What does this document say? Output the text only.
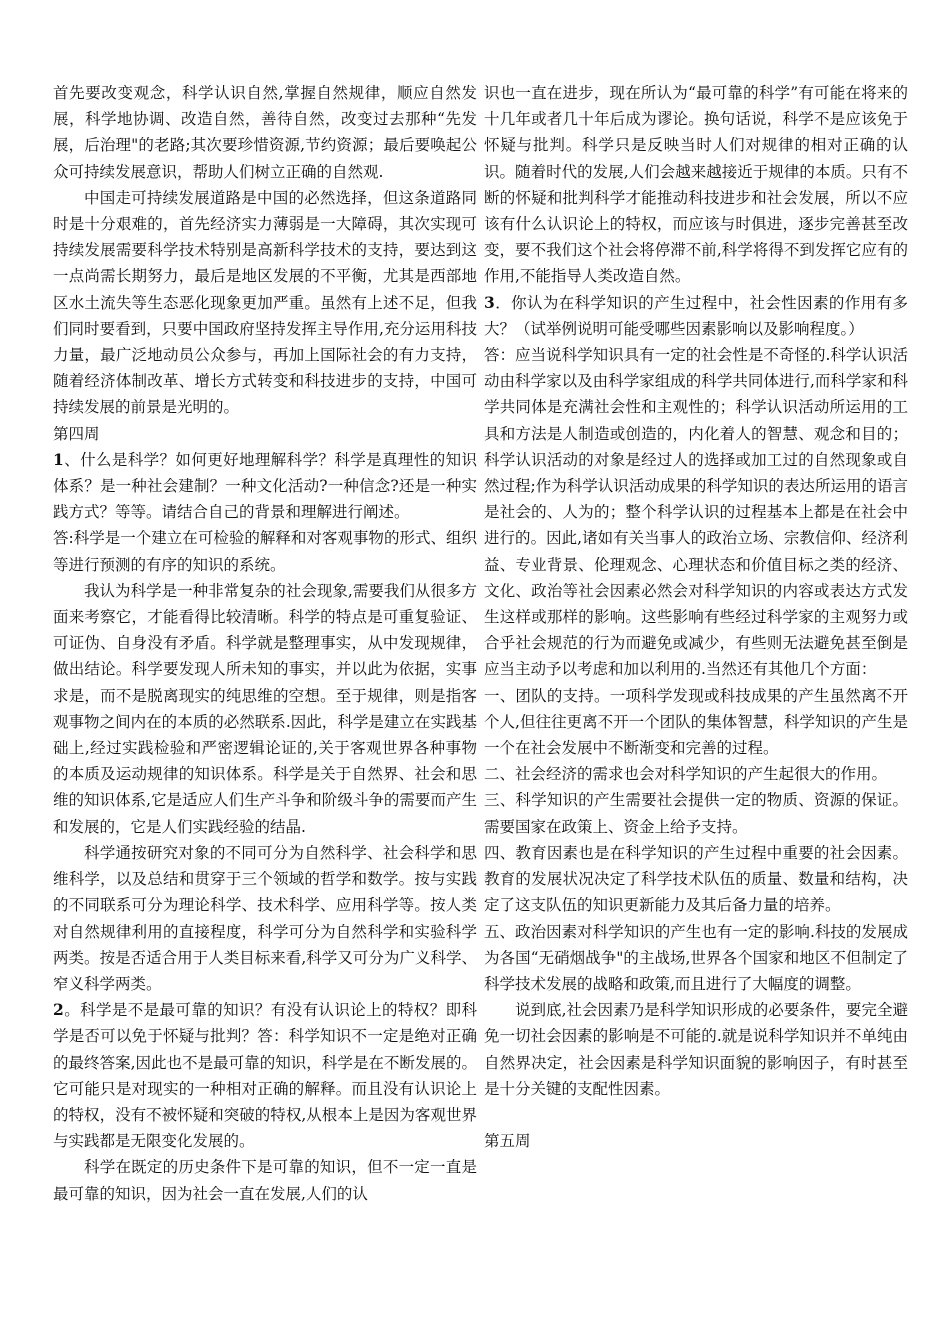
首先要改变观念，科学认识自然,掌握自然规律，顺应自然发展，科学地协调、改造自然，善待自然，改变过去那种“先发展，后治理"的老路;其次要珍惜资源,节约资源；最后要唤起公众可持续发展意识，帮助人们树立正确的自然观.

中国走可持续发展道路是中国的必然选择，但这条道路同时是十分艰难的，首先经济实力薄弱是一大障碍，其次实现可持续发展需要科学技术特别是高新科学技术的支持，要达到这一点尚需长期努力，最后是地区发展的不平衡，尤其是西部地区水土流失等生态恶化现象更加严重。虽然有上述不足，但我们同时要看到，只要中国政府坚持发挥主导作用,充分运用科技力量，最广泛地动员公众参与，再加上国际社会的有力支持，随着经济体制改革、增长方式转变和科技进步的支持，中国可持续发展的前景是光明的。

第四周

1、什么是科学？如何更好地理解科学？科学是真理性的知识体系？是一种社会建制？一种文化活动?一种信念?还是一种实践方式？等等。请结合自己的背景和理解进行阐述。

答:科学是一个建立在可检验的解释和对客观事物的形式、组织等进行预测的有序的知识的系统。

我认为科学是一种非常复杂的社会现象,需要我们从很多方面来考察它，才能看得比较清晰。科学的特点是可重复验证、可证伪、自身没有矛盾。科学就是整理事实，从中发现规律，做出结论。科学要发现人所未知的事实，并以此为依据，实事求是，而不是脱离现实的纯思维的空想。至于规律，则是指客观事物之间内在的本质的必然联系.因此，科学是建立在实践基础上,经过实践检验和严密逻辑论证的,关于客观世界各种事物的本质及运动规律的知识体系。科学是关于自然界、社会和思维的知识体系,它是适应人们生产斗争和阶级斗争的需要而产生和发展的，它是人们实践经验的结晶.

科学通按研究对象的不同可分为自然科学、社会科学和思维科学，以及总结和贯穿于三个领域的哲学和数学。按与实践的不同联系可分为理论科学、技术科学、应用科学等。按人类对自然规律利用的直接程度，科学可分为自然科学和实验科学两类。按是否适合用于人类目标来看,科学又可分为广义科学、窄义科学两类。

2。科学是不是最可靠的知识？有没有认识论上的特权？即科学是否可以免于怀疑与批判？答：科学知识不一定是绝对正确的最终答案,因此也不是最可靠的知识，科学是在不断发展的。它可能只是对现实的一种相对正确的解释。而且没有认识论上的特权，没有不被怀疑和突破的特权,从根本上是因为客观世界与实践都是无限变化发展的。

科学在既定的历史条件下是可靠的知识，但不一定一直是最可靠的知识，因为社会一直在发展,人们的认

识也一直在进步，现在所认为“最可靠的科学”有可能在将来的十几年或者几十年后成为谬论。换句话说，科学不是应该免于怀疑与批判。科学只是反映当时人们对规律的相对正确的认识。随着时代的发展,人们会越来越接近于规律的本质。只有不断的怀疑和批判科学才能推动科技进步和社会发展，所以不应该有什么认识论上的特权，而应该与时俱进，逐步完善甚至改变，要不我们这个社会将停滞不前,科学将得不到发挥它应有的作用,不能指导人类改造自然。

3．你认为在科学知识的产生过程中，社会性因素的作用有多大？（试举例说明可能受哪些因素影响以及影响程度。）

答：应当说科学知识具有一定的社会性是不奇怪的.科学认识活动由科学家以及由科学家组成的科学共同体进行,而科学家和科学共同体是充满社会性和主观性的；科学认识活动所运用的工具和方法是人制造或创造的，内化着人的智慧、观念和目的；科学认识活动的对象是经过人的选择或加工过的自然现象或自然过程;作为科学认识活动成果的科学知识的表达所运用的语言是社会的、人为的；整个科学认识的过程基本上都是在社会中进行的。因此,诸如有关当事人的政治立场、宗教信仰、经济利益、专业背景、伦理观念、心理状态和价值目标之类的经济、文化、政治等社会因素必然会对科学知识的内容或表达方式发生这样或那样的影响。这些影响有些经过科学家的主观努力或合乎社会规范的行为而避免或减少，有些则无法避免甚至倒是应当主动予以考虑和加以利用的.当然还有其他几个方面：

一、团队的支持。一项科学发现或科技成果的产生虽然离不开个人,但往往更离不开一个团队的集体智慧，科学知识的产生是一个在社会发展中不断渐变和完善的过程。

二、社会经济的需求也会对科学知识的产生起很大的作用。

三、科学知识的产生需要社会提供一定的物质、资源的保证。需要国家在政策上、资金上给予支持。

四、教育因素也是在科学知识的产生过程中重要的社会因素。教育的发展状况决定了科学技术队伍的质量、数量和结构，决定了这支队伍的知识更新能力及其后备力量的培养。

五、政治因素对科学知识的产生也有一定的影响.科技的发展成为各国“无硝烟战争"的主战场,世界各个国家和地区不但制定了科学技术发展的战略和政策,而且进行了大幅度的调整。

说到底,社会因素乃是科学知识形成的必要条件，要完全避免一切社会因素的影响是不可能的.就是说科学知识并不单纯由自然界决定，社会因素是科学知识面貌的影响因子，有时甚至是十分关键的支配性因素。

第五周
